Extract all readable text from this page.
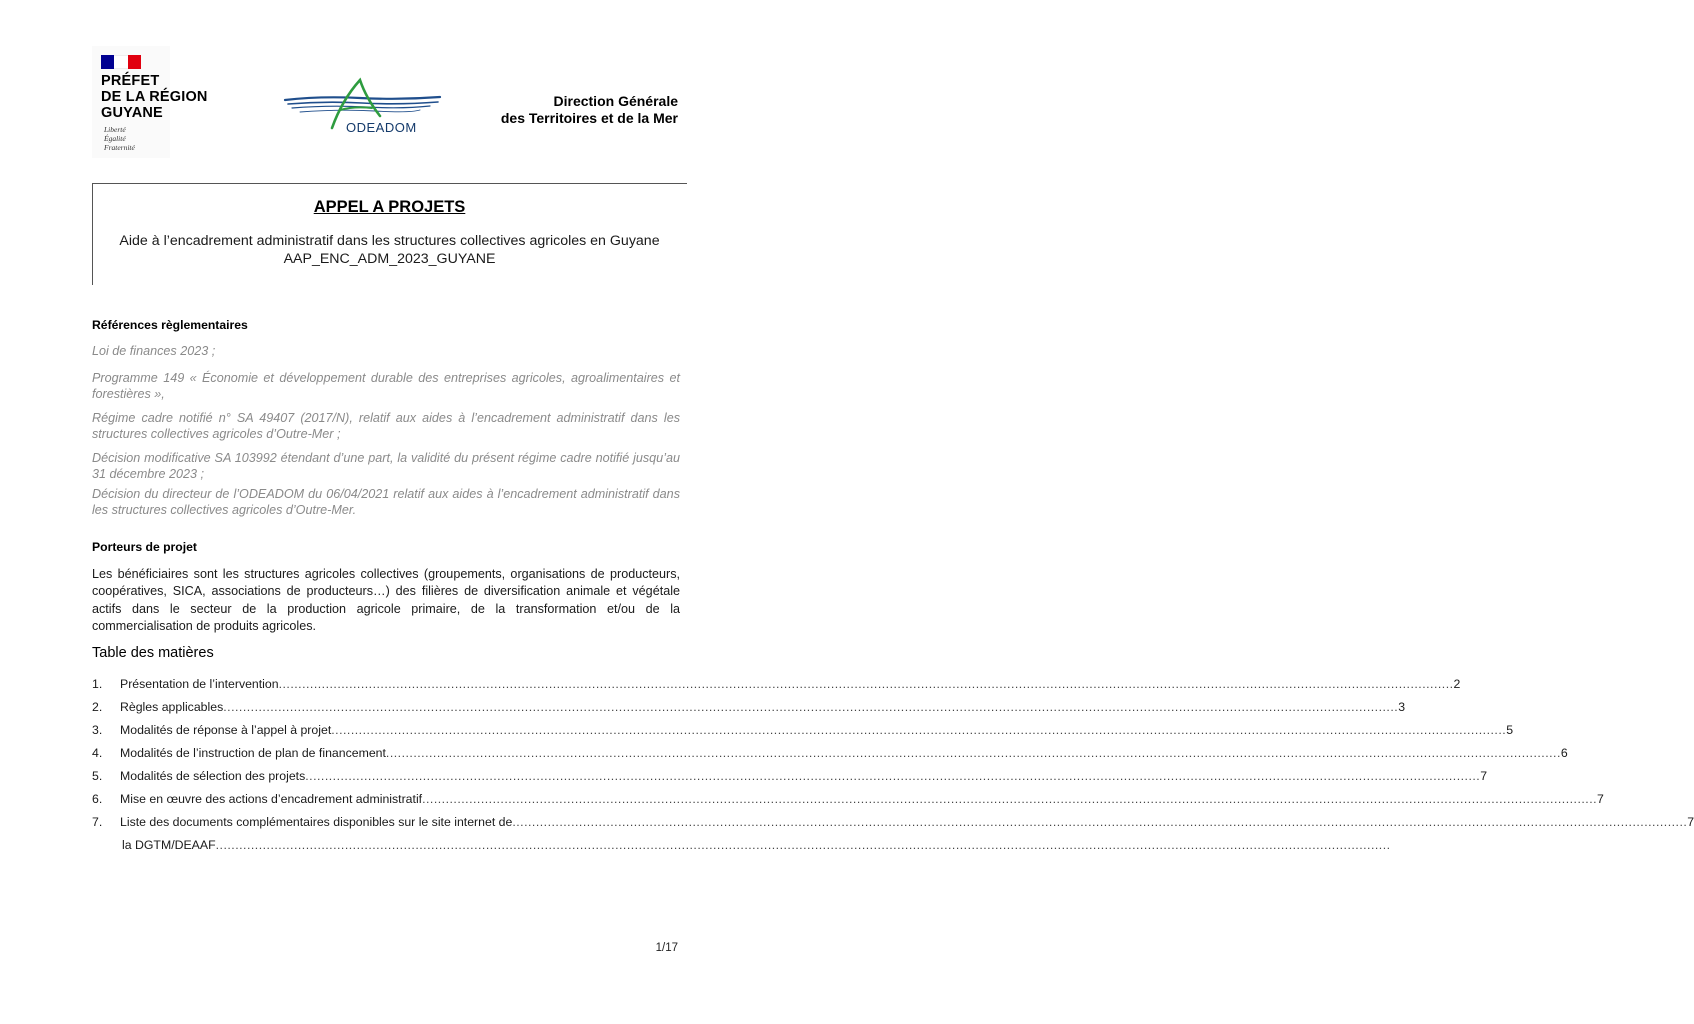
PRÉFET
DE LA RÉGION
GUYANE
Liberté
Égalité
Fraternité
ODEADOM
Direction Générale
des Territoires et de la Mer
APPEL A PROJETS
Aide à l’encadrement administratif dans les structures collectives agricoles en Guyane
AAP_ENC_ADM_2023_GUYANE
Références règlementaires
Loi de finances 2023 ;
Programme 149 « Économie et développement durable des entreprises agricoles, agroalimentaires et forestières »,
Régime cadre notifié n° SA 49407 (2017/N), relatif aux aides à l’encadrement administratif dans les structures collectives agricoles d’Outre-Mer ;
Décision modificative SA 103992 étendant d’une part, la validité du présent régime cadre notifié jusqu’au 31 décembre 2023 ;
Décision du directeur de l’ODEADOM du 06/04/2021 relatif aux aides à l’encadrement administratif dans les structures collectives agricoles d’Outre-Mer.
Porteurs de projet
Les bénéficiaires sont les structures agricoles collectives (groupements, organisations de producteurs, coopératives, SICA, associations de producteurs…) des filières de diversification animale et végétale actifs dans le secteur de la production agricole primaire, de la transformation et/ou de la commercialisation de produits agricoles.
Table des matières
1. Présentation de l’intervention ............................................................................................................................................................................................................................................................................................................ 2
2. Règles applicables ............................................................................................................................................................................................................................................................................................................ 3
3. Modalités de réponse à l’appel à projet ............................................................................................................................................................................................................................................................................................................ 5
4. Modalités de l’instruction de plan de financement ............................................................................................................................................................................................................................................................................................................ 6
5. Modalités de sélection des projets ............................................................................................................................................................................................................................................................................................................ 7
6. Mise en œuvre des actions d’encadrement administratif ............................................................................................................................................................................................................................................................................................................ 7
7. Liste des documents complémentaires disponibles sur le site internet de ............................................................................................................................................................................................................................................................................................................ 7
la DGTM/DEAAF ............................................................................................................................................................................................................................................................................................................
1/17
